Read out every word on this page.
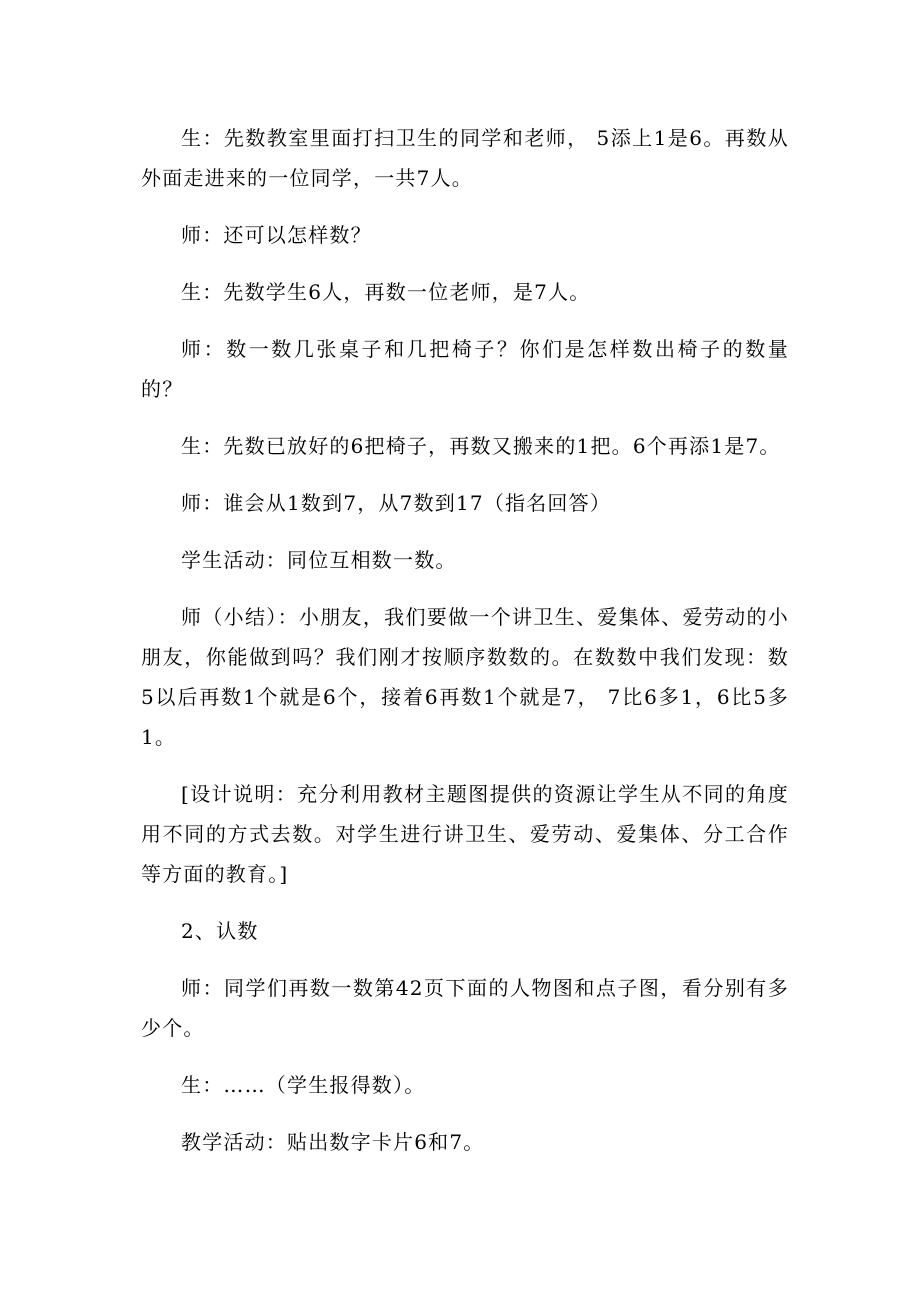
生：先数教室里面打扫卫生的同学和老师， 5添上1是6。再数从外面走进来的一位同学，一共7人。

师：还可以怎样数？

生：先数学生6人，再数一位老师，是7人。

师：数一数几张桌子和几把椅子？你们是怎样数出椅子的数量的？

生：先数已放好的6把椅子，再数又搬来的1把。6个再添1是7。

师：谁会从1数到7，从7数到17（指名回答）

学生活动：同位互相数一数。

师（小结）：小朋友，我们要做一个讲卫生、爱集体、爱劳动的小朋友，你能做到吗？我们刚才按顺序数数的。在数数中我们发现：数5以后再数1个就是6个，接着6再数1个就是7， 7比6多1，6比5多1。

[设计说明：充分利用教材主题图提供的资源让学生从不同的角度用不同的方式去数。对学生进行讲卫生、爱劳动、爱集体、分工合作等方面的教育。]

2、认数

师：同学们再数一数第42页下面的人物图和点子图，看分别有多少个。

生：……（学生报得数）。

教学活动：贴出数字卡片6和7。
